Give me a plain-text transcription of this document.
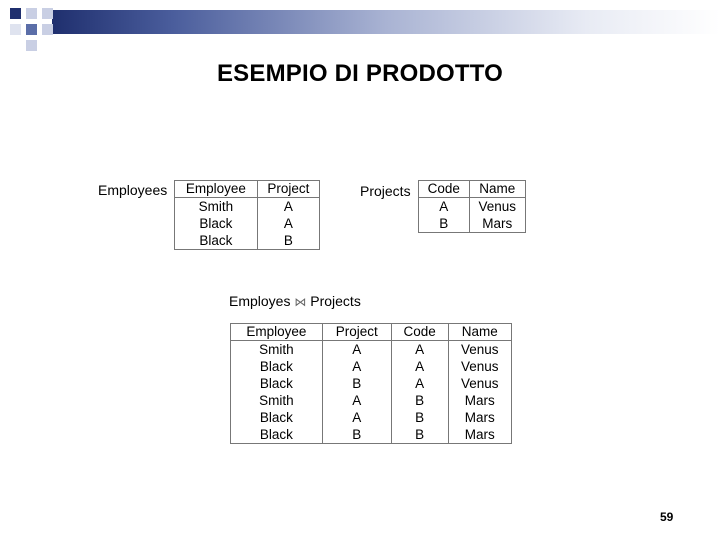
ESEMPIO DI PRODOTTO
Employees Employee	Project
Smith	A
Black	A
Black	B
Projects Code	Name
A	Venus
B	Mars
Employes ⋈ Projects
Employee	Project	Code	Name
Smith	A	A	Venus
Black	A	A	Venus
Black	B	A	Venus
Smith	A	B	Mars
Black	A	B	Mars
Black	B	B	Mars
59
